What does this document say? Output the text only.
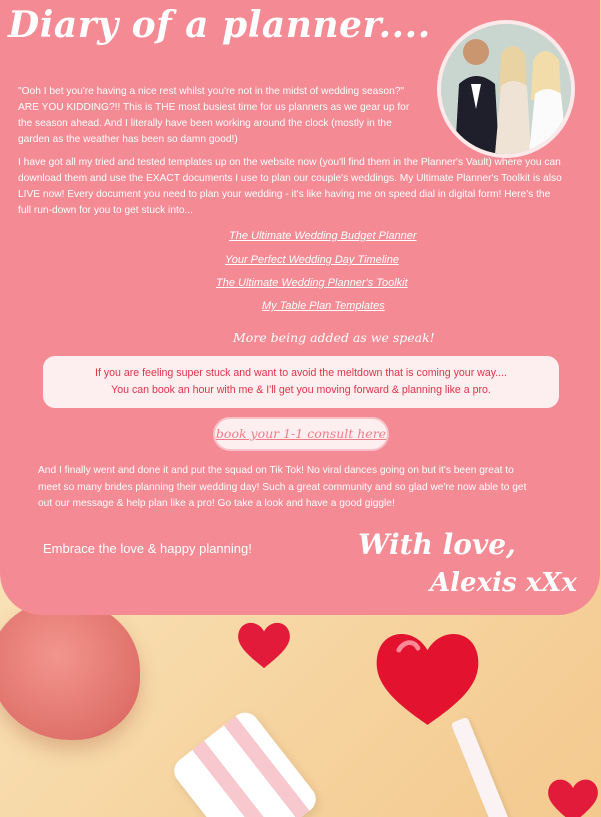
Diary of a planner....

"Ooh I bet you're having a nice rest whilst you're not in the midst of wedding season?" ARE YOU KIDDING?!! This is THE most busiest time for us planners as we gear up for the season ahead. And I literally have been working around the clock (mostly in the garden as the weather has been so damn good!)

I have got all my tried and tested templates up on the website now (you'll find them in the Planner's Vault) where you can download them and use the EXACT documents I use to plan our couple's weddings. My Ultimate Planner's Toolkit is also LIVE now! Every document you need to plan your wedding - it's like having me on speed dial in digital form! Here's the full run-down for you to get stuck into...

The Ultimate Wedding Budget Planner
Your Perfect Wedding Day Timeline
The Ultimate Wedding Planner's Toolkit
My Table Plan Templates
More being added as we speak!
If you are feeling super stuck and want to avoid the meltdown that is coming your way....
You can book an hour with me & I'll get you moving forward & planning like a pro.
book your 1-1 consult here

And I finally went and done it and put the squad on Tik Tok! No viral dances going on but it's been great to meet so many brides planning their wedding day! Such a great community and so glad we're now able to get out our message & help plan like a pro! Go take a look and have a good giggle!

Embrace the love & happy planning!	With love,
Alexis xXx
